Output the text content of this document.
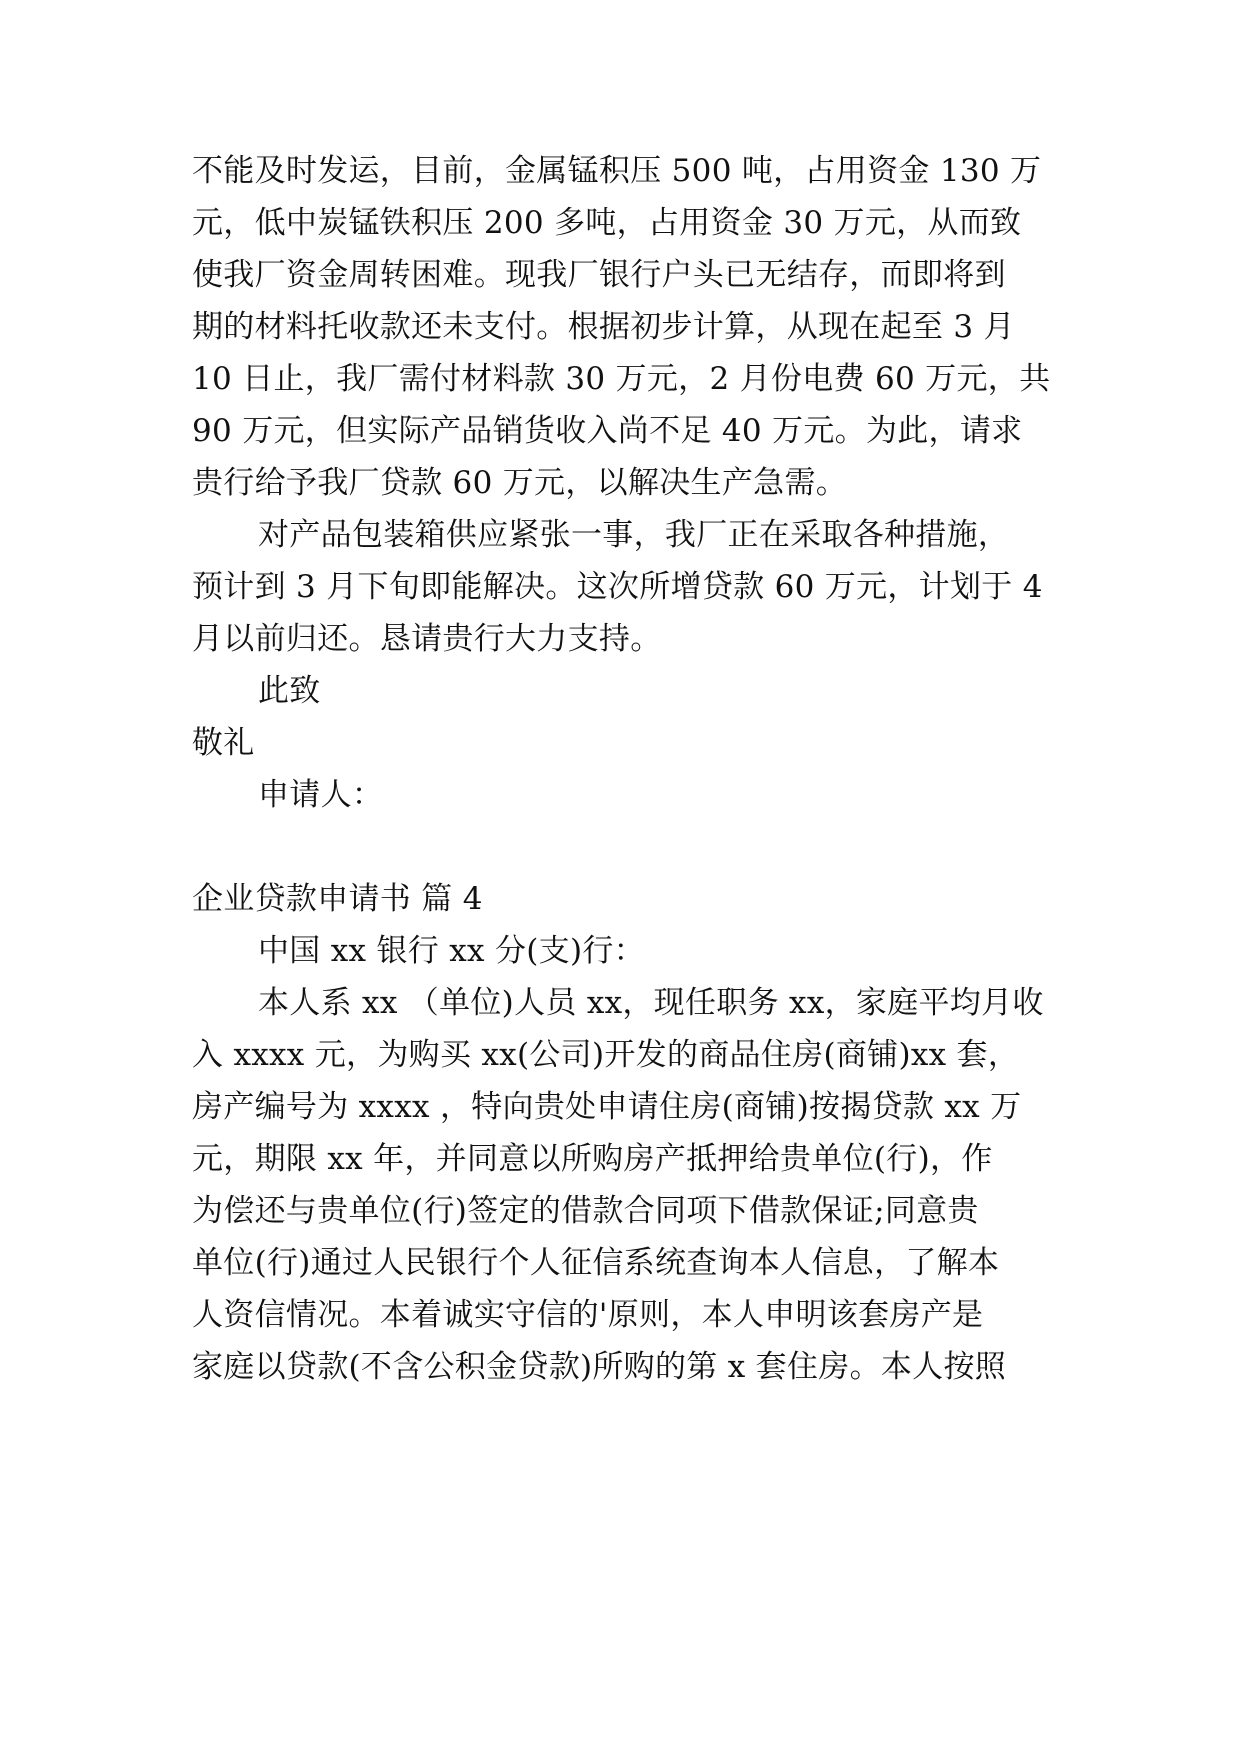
不能及时发运，目前，金属锰积压 500 吨，占用资金 130 万
元，低中炭锰铁积压 200 多吨，占用资金 30 万元，从而致
使我厂资金周转困难。现我厂银行户头已无结存，而即将到
期的材料托收款还未支付。根据初步计算，从现在起至 3 月
10 日止，我厂需付材料款 30 万元，2 月份电费 60 万元，共
90 万元，但实际产品销货收入尚不足 40 万元。为此，请求
贵行给予我厂贷款 60 万元，以解决生产急需。
对产品包装箱供应紧张一事，我厂正在采取各种措施，
预计到 3 月下旬即能解决。这次所增贷款 60 万元，计划于 4
月以前归还。恳请贵行大力支持。
此致
敬礼
申请人：
企业贷款申请书 篇 4
中国 xx 银行 xx 分(支)行：
本人系 xx （单位)人员 xx，现任职务 xx，家庭平均月收
入 xxxx 元，为购买 xx(公司)开发的商品住房(商铺)xx 套，
房产编号为 xxxx ，特向贵处申请住房(商铺)按揭贷款 xx 万
元，期限 xx 年，并同意以所购房产抵押给贵单位(行)，作
为偿还与贵单位(行)签定的借款合同项下借款保证;同意贵
单位(行)通过人民银行个人征信系统查询本人信息，了解本
人资信情况。本着诚实守信的'原则，本人申明该套房产是
家庭以贷款(不含公积金贷款)所购的第 x 套住房。本人按照
